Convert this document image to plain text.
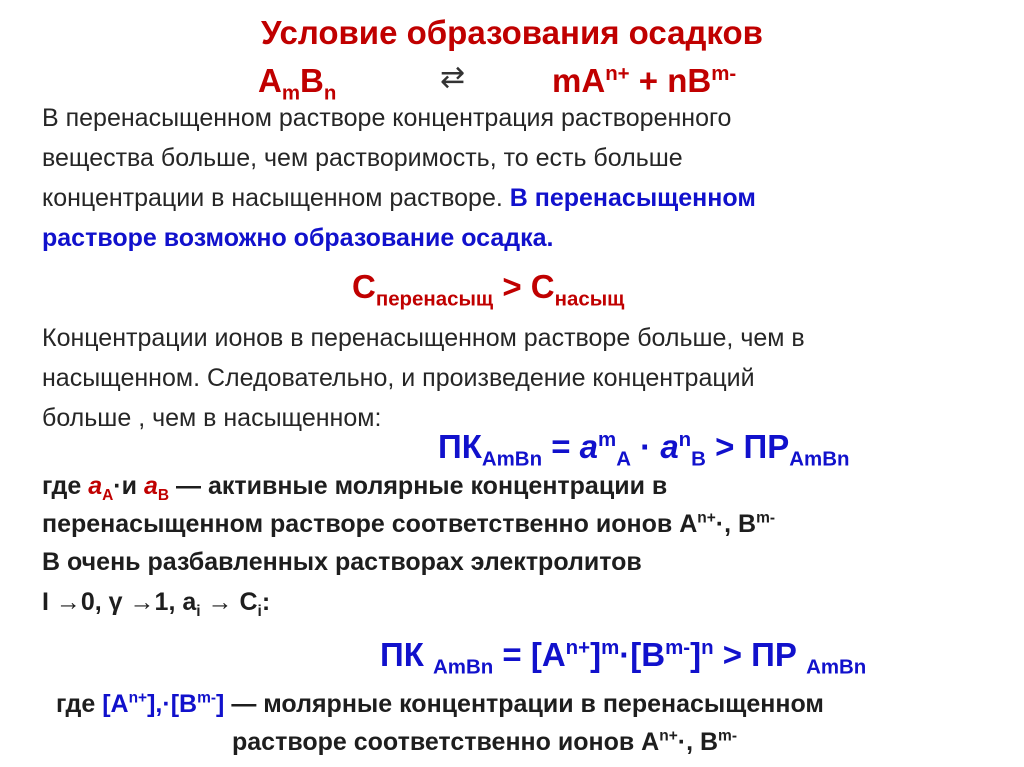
Условие образования осадков
$A_mB_n$	⇄	$mA^{n+} + nB^{m-}$
В перенасыщенном растворе концентрация растворенного
вещества больше, чем растворимость, то есть больше
концентрации в насыщенном растворе. В перенасыщенном
растворе возможно образование осадка.
$C_{перенасыщ} > C_{насыщ}$
Концентрации ионов в перенасыщенном растворе больше, чем в
насыщенном. Следовательно, и произведение концентраций
больше , чем в насыщенном:
$ПК_{AmBn} = a^m_A \cdot a^n_B > ПР_{AmBn}$
где $a_A\cdot и$ $a_B$ — активные молярные концентрации в
перенасыщенном растворе соответственно ионов $A^{n+}\cdot$, $B^{m-}$
В очень разбавленных растворах электролитов
I →0, γ →1, $a_i \to C_i$:
ПК $_{AmBn} = [A^{n+}]^m\cdot[B^{m-}]^n$ > ПР $_{AmBn}$
где $[A^{n+}],\cdot[B^{m-}]$ — молярные концентрации в перенасыщенном
растворе соответственно ионов $A^{n+}\cdot$, $B^{m-}$
